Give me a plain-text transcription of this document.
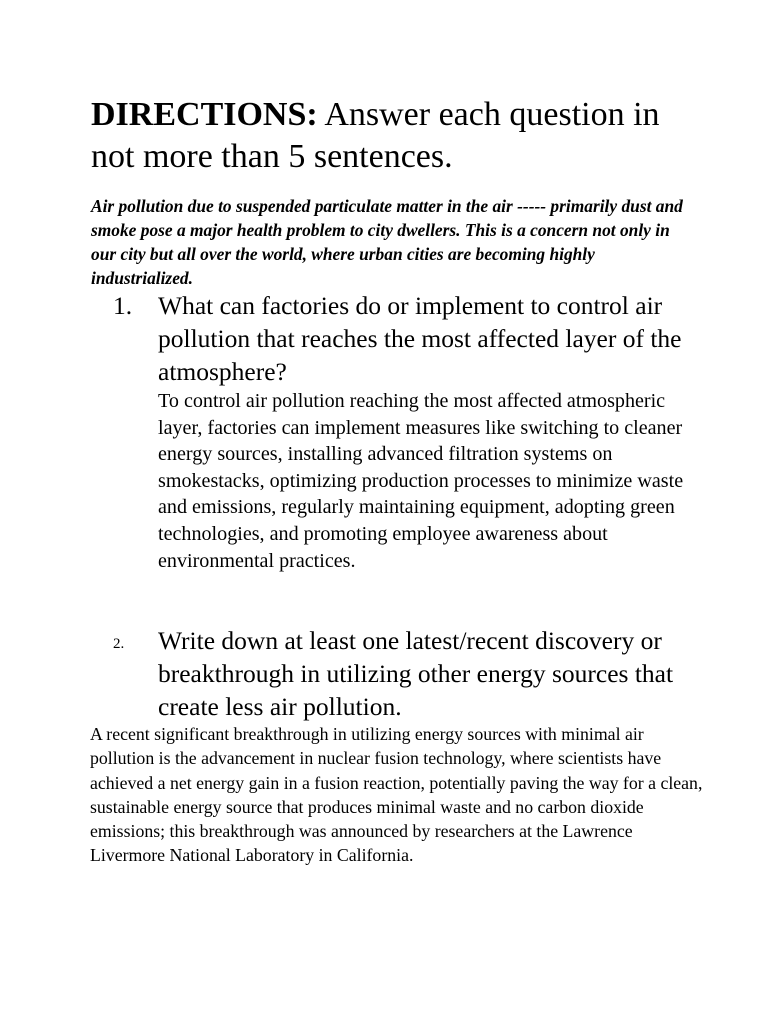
DIRECTIONS: Answer each question in not more than 5 sentences.
Air pollution due to suspended particulate matter in the air ----- primarily dust and smoke pose a major health problem to city dwellers. This is a concern not only in our city but all over the world, where urban cities are becoming highly industrialized.
1. What can factories do or implement to control air pollution that reaches the most affected layer of the atmosphere?
To control air pollution reaching the most affected atmospheric layer, factories can implement measures like switching to cleaner energy sources, installing advanced filtration systems on smokestacks, optimizing production processes to minimize waste and emissions, regularly maintaining equipment, adopting green technologies, and promoting employee awareness about environmental practices.
2. Write down at least one latest/recent discovery or breakthrough in utilizing other energy sources that create less air pollution.
A recent significant breakthrough in utilizing energy sources with minimal air pollution is the advancement in nuclear fusion technology, where scientists have achieved a net energy gain in a fusion reaction, potentially paving the way for a clean, sustainable energy source that produces minimal waste and no carbon dioxide emissions; this breakthrough was announced by researchers at the Lawrence Livermore National Laboratory in California.
